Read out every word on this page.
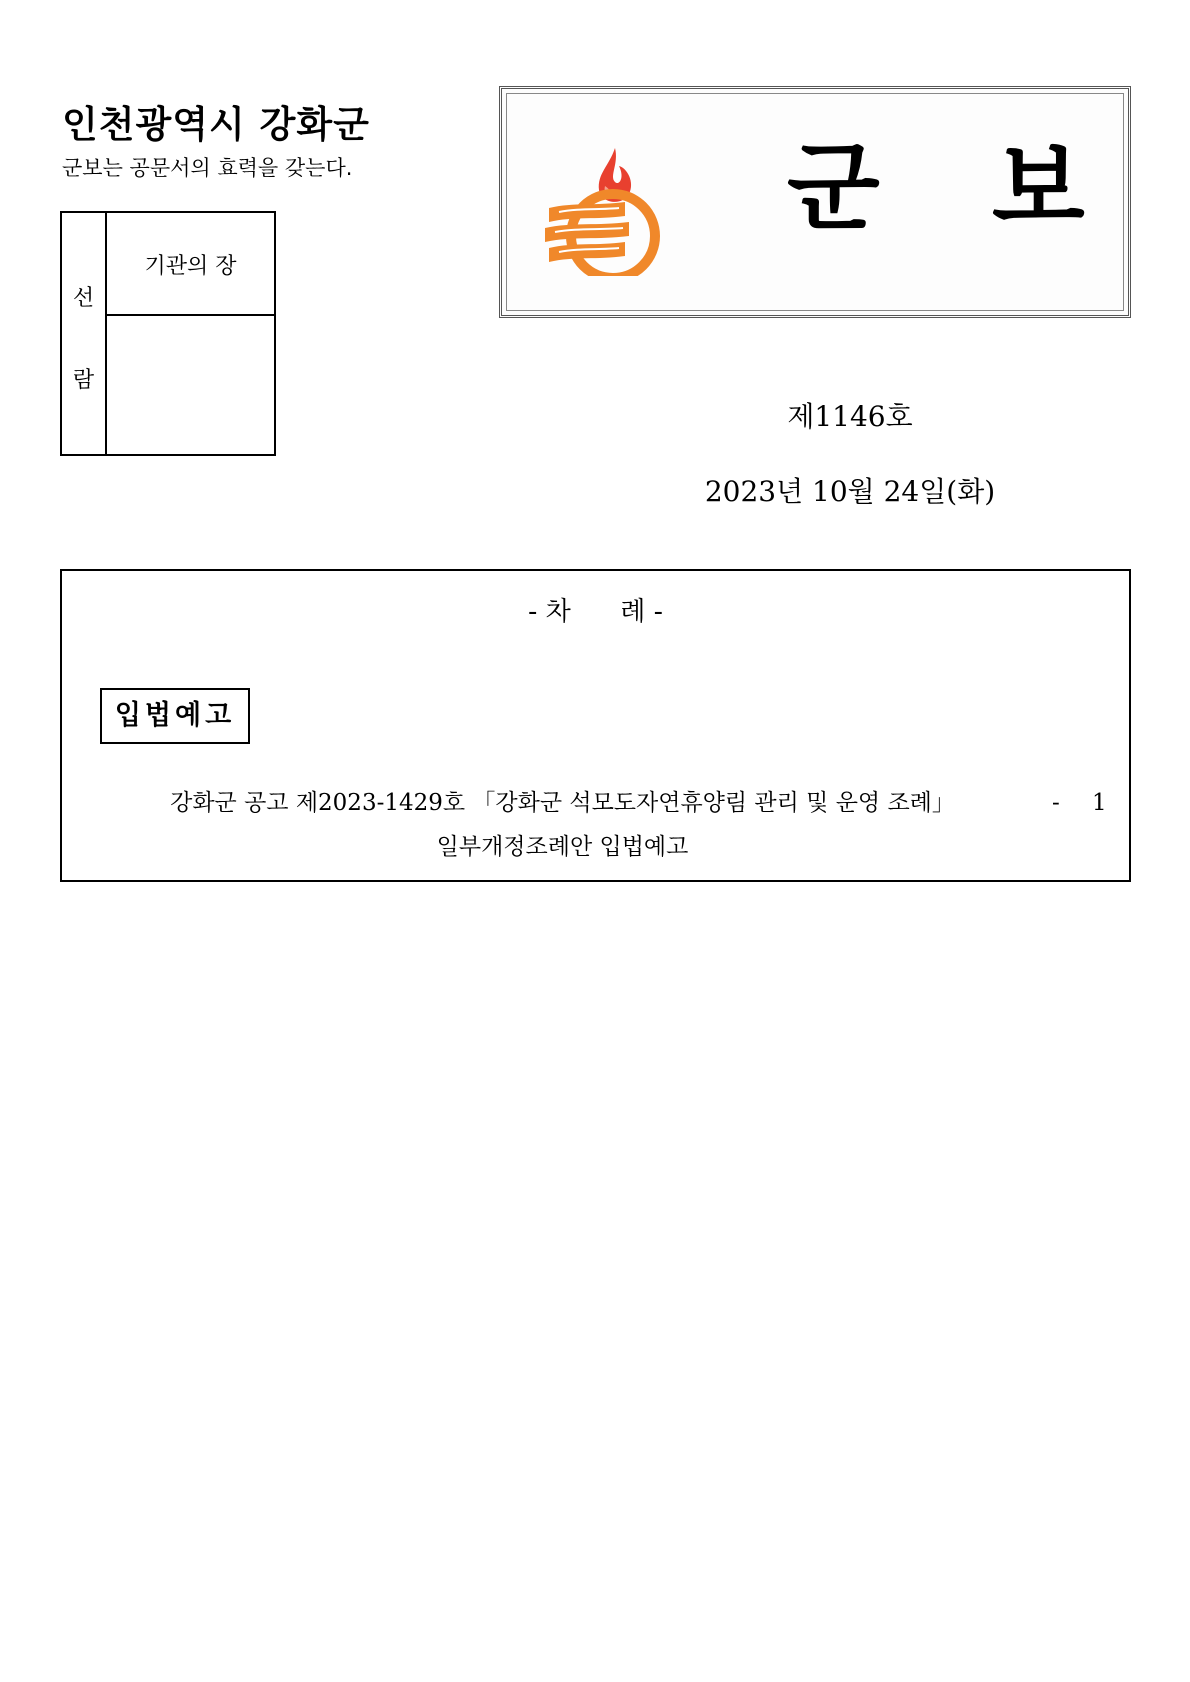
인천광역시 강화군
군보는 공문서의 효력을 갖는다.
선
람
기관의 장
군 보
제1146호
2023년 10월 24일(화)
- 차      례 -
입법예고
강화군 공고 제2023-1429호 「강화군 석모도자연휴양림 관리 및 운영 조례」
일부개정조례안 입법예고
- 1
